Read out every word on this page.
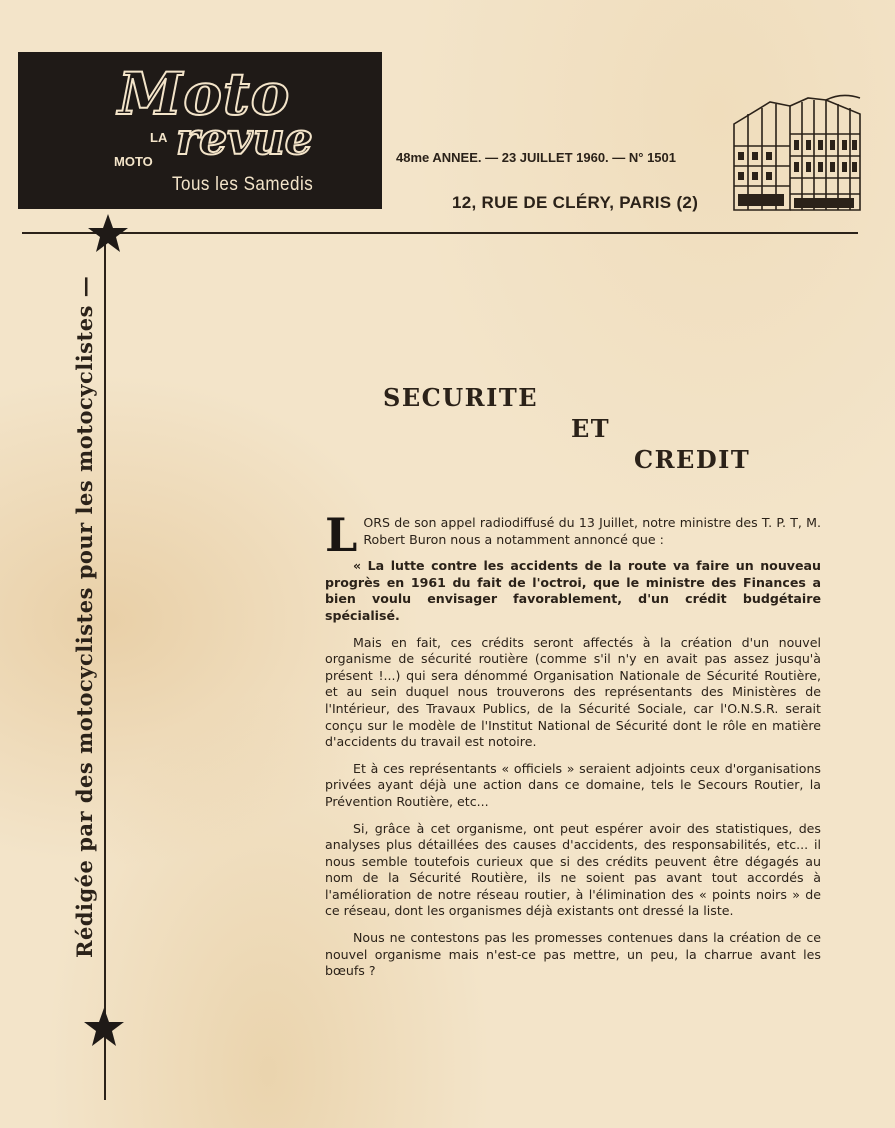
Moto
LA
MOTO revue
Tous les Samedis
48me ANNEE. — 23 JUILLET 1960. — N° 1501
12, RUE DE CLÉRY, PARIS (2)
Rédigée par des motocyclistes pour les motocyclistes —	SECURITE
ET
CREDIT

LORS de son appel radiodiffusé du 13 Juillet, notre ministre des T. P. T, M. Robert Buron nous a notamment annoncé que :

« La lutte contre les accidents de la route va faire un nouveau progrès en 1961 du fait de l'octroi, que le ministre des Finances a bien voulu envisager favorablement, d'un crédit budgétaire spécialisé.

Mais en fait, ces crédits seront affectés à la création d'un nouvel organisme de sécurité routière (comme s'il n'y en avait pas assez jusqu'à présent !...) qui sera dénommé Organisation Nationale de Sécurité Routière, et au sein duquel nous trouverons des représentants des Ministères de l'Intérieur, des Travaux Publics, de la Sécurité Sociale, car l'O.N.S.R. serait conçu sur le modèle de l'Institut National de Sécurité dont le rôle en matière d'accidents du travail est notoire.

Et à ces représentants « officiels » seraient adjoints ceux d'organisations privées ayant déjà une action dans ce domaine, tels le Secours Routier, la Prévention Routière, etc...

Si, grâce à cet organisme, ont peut espérer avoir des statistiques, des analyses plus détaillées des causes d'accidents, des responsabilités, etc... il nous semble toutefois curieux que si des crédits peuvent être dégagés au nom de la Sécurité Routière, ils ne soient pas avant tout accordés à l'amélioration de notre réseau routier, à l'élimination des « points noirs » de ce réseau, dont les organismes déjà existants ont dressé la liste.

Nous ne contestons pas les promesses contenues dans la création de ce nouvel organisme mais n'est-ce pas mettre, un peu, la charrue avant les bœufs ?
